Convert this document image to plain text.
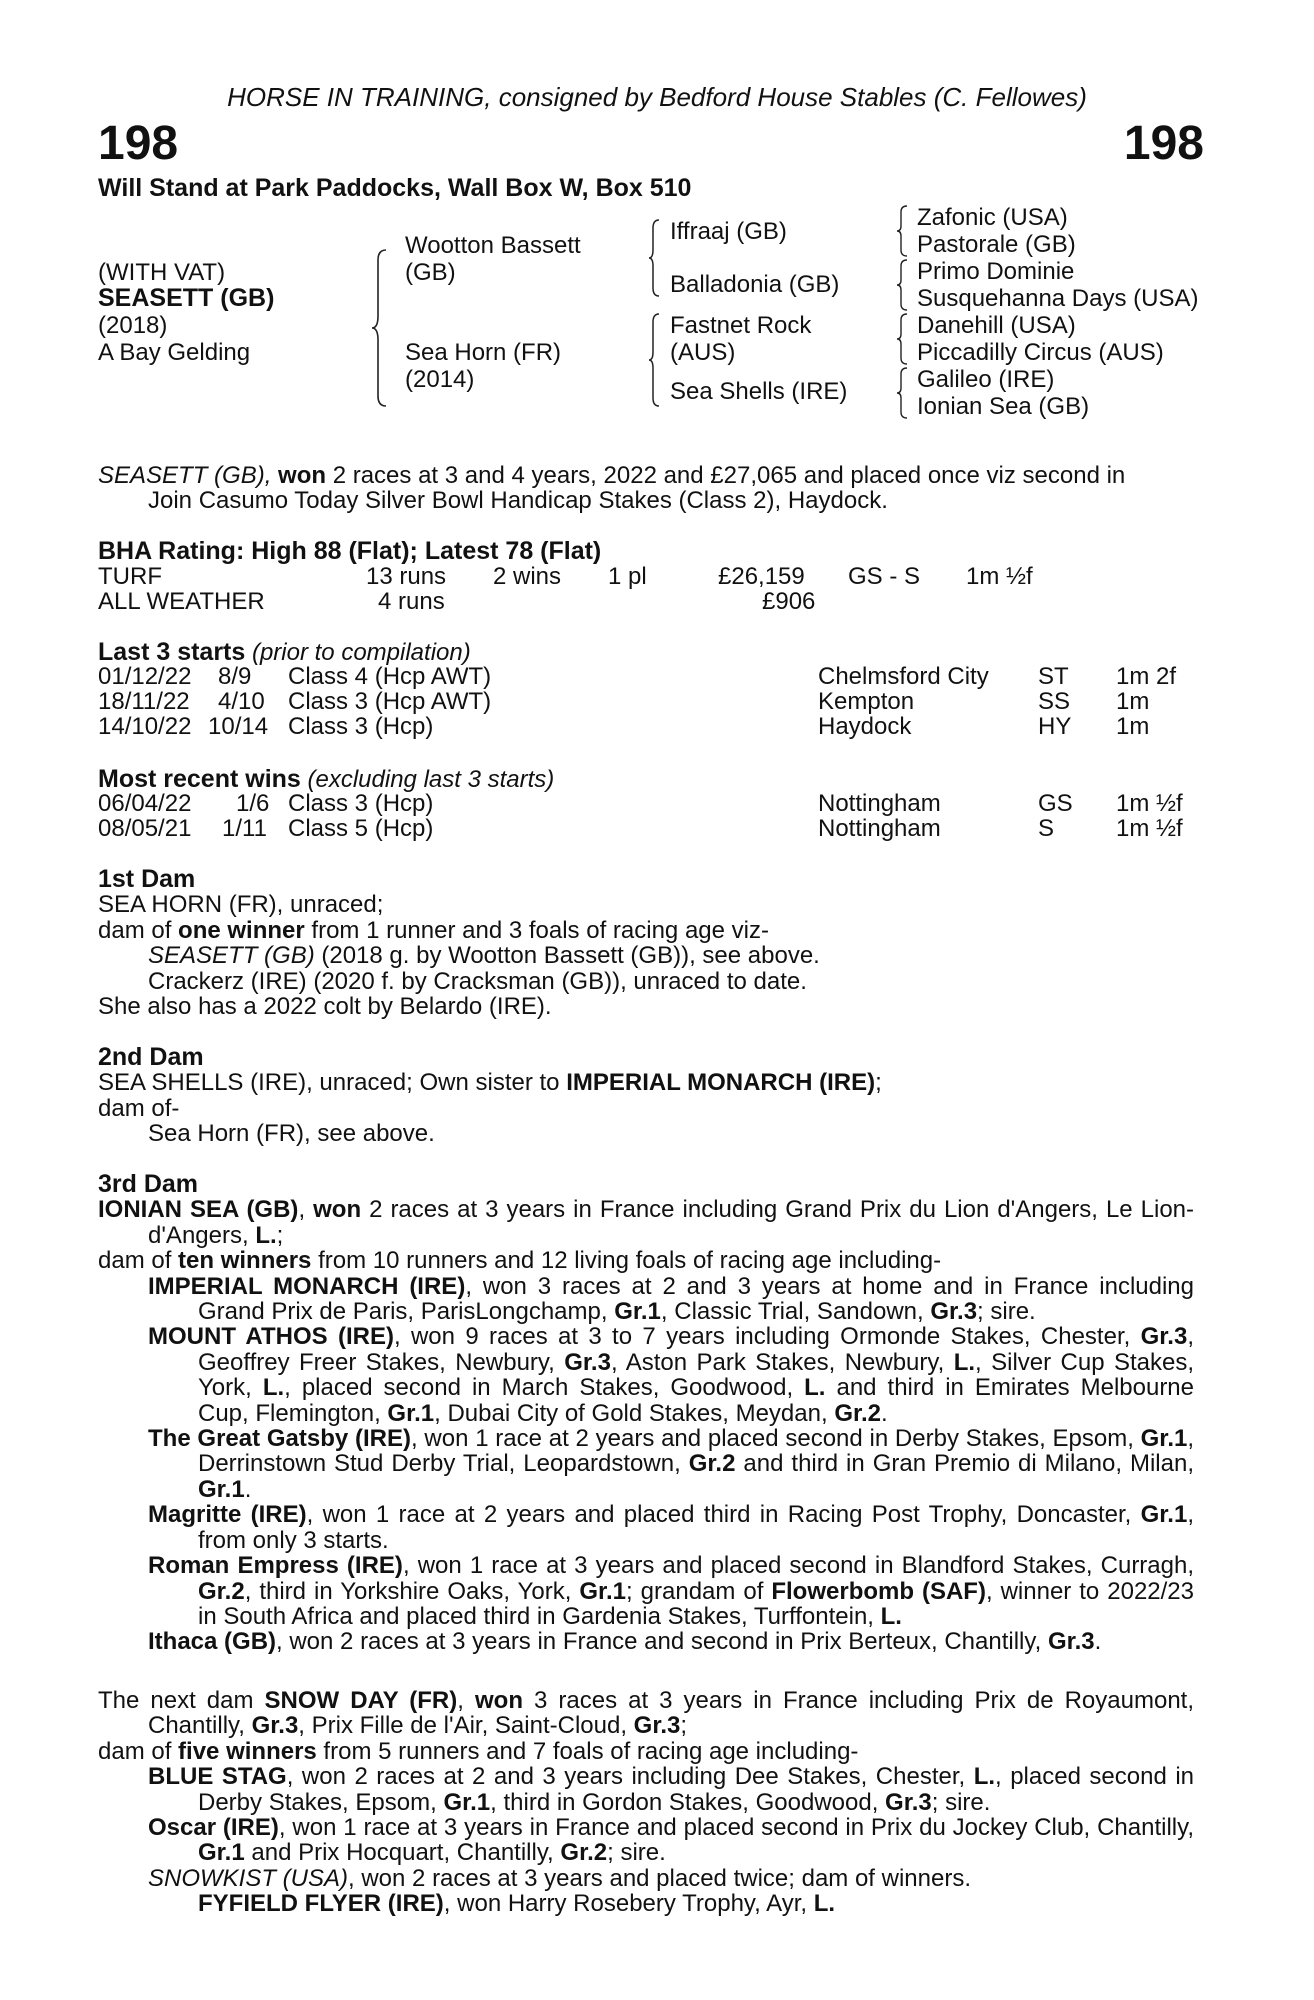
HORSE IN TRAINING, consigned by Bedford House Stables (C. Fellowes)
198	198
Will Stand at Park Paddocks, Wall Box W, Box 510
(WITH VAT)
SEASETT (GB)
(2018)
A Bay Gelding
Wootton Bassett
(GB)
Sea Horn (FR)
(2014)
Iffraaj (GB)
Balladonia (GB)
Fastnet Rock
(AUS)
Sea Shells (IRE)
Zafonic (USA)
Pastorale (GB)
Primo Dominie
Susquehanna Days (USA)
Danehill (USA)
Piccadilly Circus (AUS)
Galileo (IRE)
Ionian Sea (GB)

SEASETT (GB), won 2 races at 3 and 4 years, 2022 and £27,065 and placed once viz second in

Join Casumo Today Silver Bowl Handicap Stakes (Class 2), Haydock.

BHA Rating: High 88 (Flat); Latest 78 (Flat)
TURF	13 runs 2 wins 1 pl	£26,159 GS - S 1m ½f
ALL WEATHER	4 runs	£906
Last 3 starts (prior to compilation)
01/12/22 8/9 Class 4 (Hcp AWT)	Chelmsford City ST 1m 2f
18/11/22 4/10 Class 3 (Hcp AWT)	Kempton	SS 1m
14/10/22 10/14 Class 3 (Hcp)	Haydock	HY 1m
Most recent wins (excluding last 3 starts)
06/04/22 1/6 Class 3 (Hcp)	Nottingham	GS 1m ½f
08/05/21 1/11 Class 5 (Hcp)	Nottingham	S	1m ½f

1st Dam

SEA HORN (FR), unraced;

dam of one winner from 1 runner and 3 foals of racing age viz-

SEASETT (GB) (2018 g. by Wootton Bassett (GB)), see above.

Crackerz (IRE) (2020 f. by Cracksman (GB)), unraced to date.

She also has a 2022 colt by Belardo (IRE).

2nd Dam

SEA SHELLS (IRE), unraced; Own sister to IMPERIAL MONARCH (IRE);

dam of-

Sea Horn (FR), see above.

3rd Dam

IONIAN SEA (GB), won 2 races at 3 years in France including Grand Prix du Lion d'Angers, Le Lion-d'Angers, L.;

dam of ten winners from 10 runners and 12 living foals of racing age including-

IMPERIAL MONARCH (IRE), won 3 races at 2 and 3 years at home and in France including Grand Prix de Paris, ParisLongchamp, Gr.1, Classic Trial, Sandown, Gr.3; sire.

MOUNT ATHOS (IRE), won 9 races at 3 to 7 years including Ormonde Stakes, Chester, Gr.3, Geoffrey Freer Stakes, Newbury, Gr.3, Aston Park Stakes, Newbury, L., Silver Cup Stakes, York, L., placed second in March Stakes, Goodwood, L. and third in Emirates Melbourne Cup, Flemington, Gr.1, Dubai City of Gold Stakes, Meydan, Gr.2.

The Great Gatsby (IRE), won 1 race at 2 years and placed second in Derby Stakes, Epsom, Gr.1, Derrinstown Stud Derby Trial, Leopardstown, Gr.2 and third in Gran Premio di Milano, Milan, Gr.1.

Magritte (IRE), won 1 race at 2 years and placed third in Racing Post Trophy, Doncaster, Gr.1, from only 3 starts.

Roman Empress (IRE), won 1 race at 3 years and placed second in Blandford Stakes, Curragh, Gr.2, third in Yorkshire Oaks, York, Gr.1; grandam of Flowerbomb (SAF), winner to 2022/23 in South Africa and placed third in Gardenia Stakes, Turffontein, L.

Ithaca (GB), won 2 races at 3 years in France and second in Prix Berteux, Chantilly, Gr.3.

The next dam SNOW DAY (FR), won 3 races at 3 years in France including Prix de Royaumont, Chantilly, Gr.3, Prix Fille de l'Air, Saint-Cloud, Gr.3;

dam of five winners from 5 runners and 7 foals of racing age including-

BLUE STAG, won 2 races at 2 and 3 years including Dee Stakes, Chester, L., placed second in Derby Stakes, Epsom, Gr.1, third in Gordon Stakes, Goodwood, Gr.3; sire.

Oscar (IRE), won 1 race at 3 years in France and placed second in Prix du Jockey Club, Chantilly, Gr.1 and Prix Hocquart, Chantilly, Gr.2; sire.

SNOWKIST (USA), won 2 races at 3 years and placed twice; dam of winners.

FYFIELD FLYER (IRE), won Harry Rosebery Trophy, Ayr, L.
